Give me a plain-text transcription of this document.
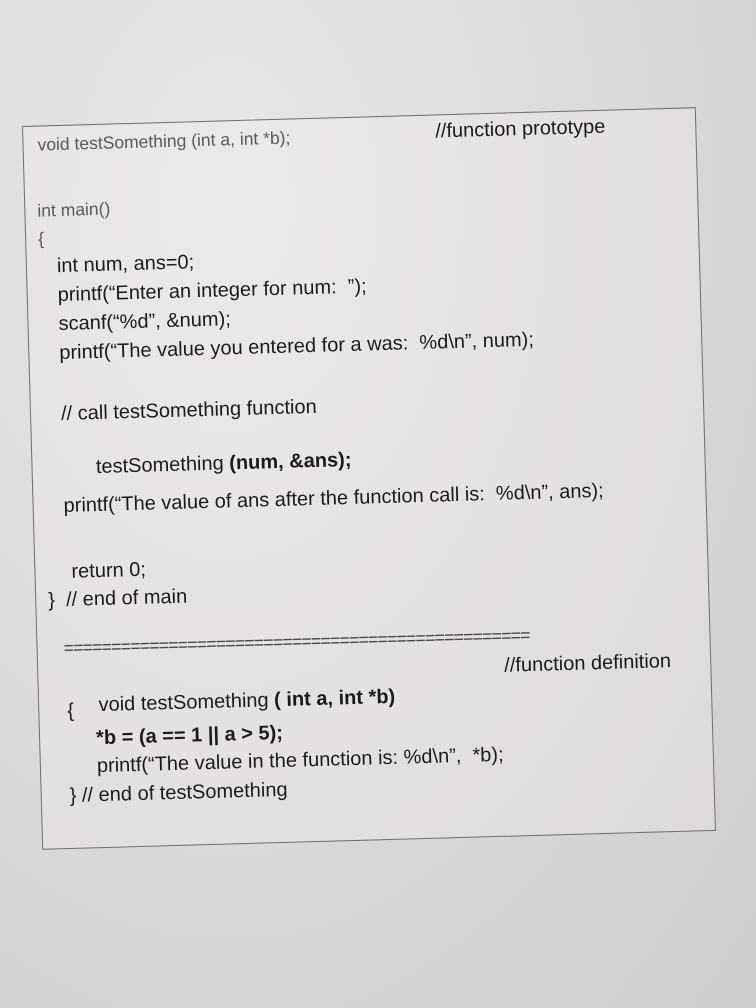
void testSomething (int a, int *b);	//function prototype
int main()
{
int num, ans=0;
printf(“Enter an integer for num:  ”);
scanf(“%d”, &num);
printf(“The value you entered for a was:  %d\n”, num);
// call testSomething function

testSomething (num, &ans);

printf(“The value of ans after the function call is:  %d\n”, ans);
return 0;
}  // end of main
=================================================

void testSomething ( int a, int *b)

//function definition
{
*b = (a == 1 || a > 5);
printf(“The value in the function is: %d\n”,  *b);
} // end of testSomething
